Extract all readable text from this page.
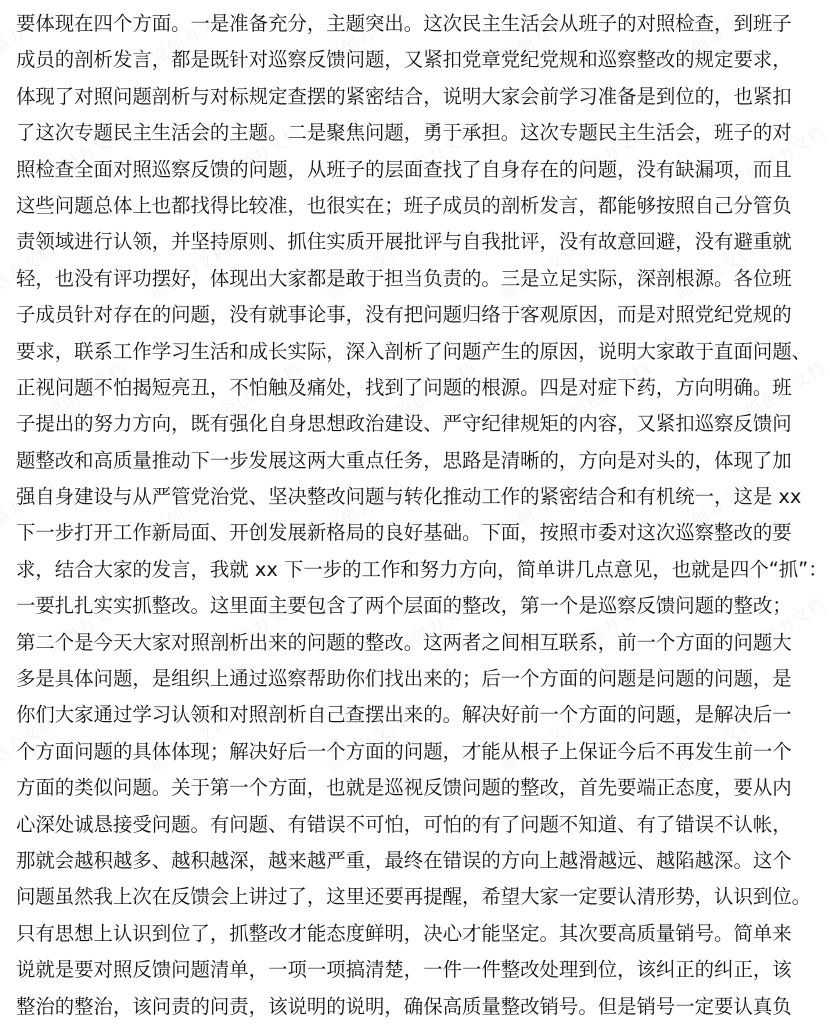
要体现在四个方面。一是准备充分，主题突出。这次民主生活会从班子的对照检查，到班子
成员的剖析发言，都是既针对巡察反馈问题，又紧扣党章党纪党规和巡察整改的规定要求，
体现了对照问题剖析与对标规定查摆的紧密结合，说明大家会前学习准备是到位的，也紧扣
了这次专题民主生活会的主题。二是聚焦问题，勇于承担。这次专题民主生活会，班子的对
照检查全面对照巡察反馈的问题，从班子的层面查找了自身存在的问题，没有缺漏项，而且
这些问题总体上也都找得比较准，也很实在；班子成员的剖析发言，都能够按照自己分管负
责领域进行认领，并坚持原则、抓住实质开展批评与自我批评，没有故意回避，没有避重就
轻，也没有评功摆好，体现出大家都是敢于担当负责的。三是立足实际，深剖根源。各位班
子成员针对存在的问题，没有就事论事，没有把问题归络于客观原因，而是对照党纪党规的
要求，联系工作学习生活和成长实际，深入剖析了问题产生的原因，说明大家敢于直面问题、
正视问题不怕揭短亮丑，不怕触及痛处，找到了问题的根源。四是对症下药，方向明确。班
子提出的努力方向，既有强化自身思想政治建设、严守纪律规矩的内容，又紧扣巡察反馈问
题整改和高质量推动下一步发展这两大重点任务，思路是清晰的，方向是对头的，体现了加
强自身建设与从严管党治党、坚决整改问题与转化推动工作的紧密结合和有机统一，这是 xx
下一步打开工作新局面、开创发展新格局的良好基础。下面，按照市委对这次巡察整改的要
求，结合大家的发言，我就 xx 下一步的工作和努力方向，简单讲几点意见，也就是四个“抓”：
一要扎扎实实抓整改。这里面主要包含了两个层面的整改，第一个是巡察反馈问题的整改；
第二个是今天大家对照剖析出来的问题的整改。这两者之间相互联系，前一个方面的问题大
多是具体问题，是组织上通过巡察帮助你们找出来的；后一个方面的问题是问题的问题，是
你们大家通过学习认领和对照剖析自己查摆出来的。解决好前一个方面的问题，是解决后一
个方面问题的具体体现；解决好后一个方面的问题，才能从根子上保证今后不再发生前一个
方面的类似问题。关于第一个方面，也就是巡视反馈问题的整改，首先要端正态度，要从内
心深处诚恳接受问题。有问题、有错误不可怕，可怕的有了问题不知道、有了错误不认帐，
那就会越积越多、越积越深，越来越严重，最终在错误的方向上越滑越远、越陷越深。这个
问题虽然我上次在反馈会上讲过了，这里还要再提醒，希望大家一定要认清形势，认识到位。
只有思想上认识到位了，抓整改才能态度鲜明，决心才能坚定。其次要高质量销号。简单来
说就是要对照反馈问题清单，一项一项搞清楚，一件一件整改处理到位，该纠正的纠正，该
整治的整治，该问责的问责，该说明的说明，确保高质量整改销号。但是销号一定要认真负
